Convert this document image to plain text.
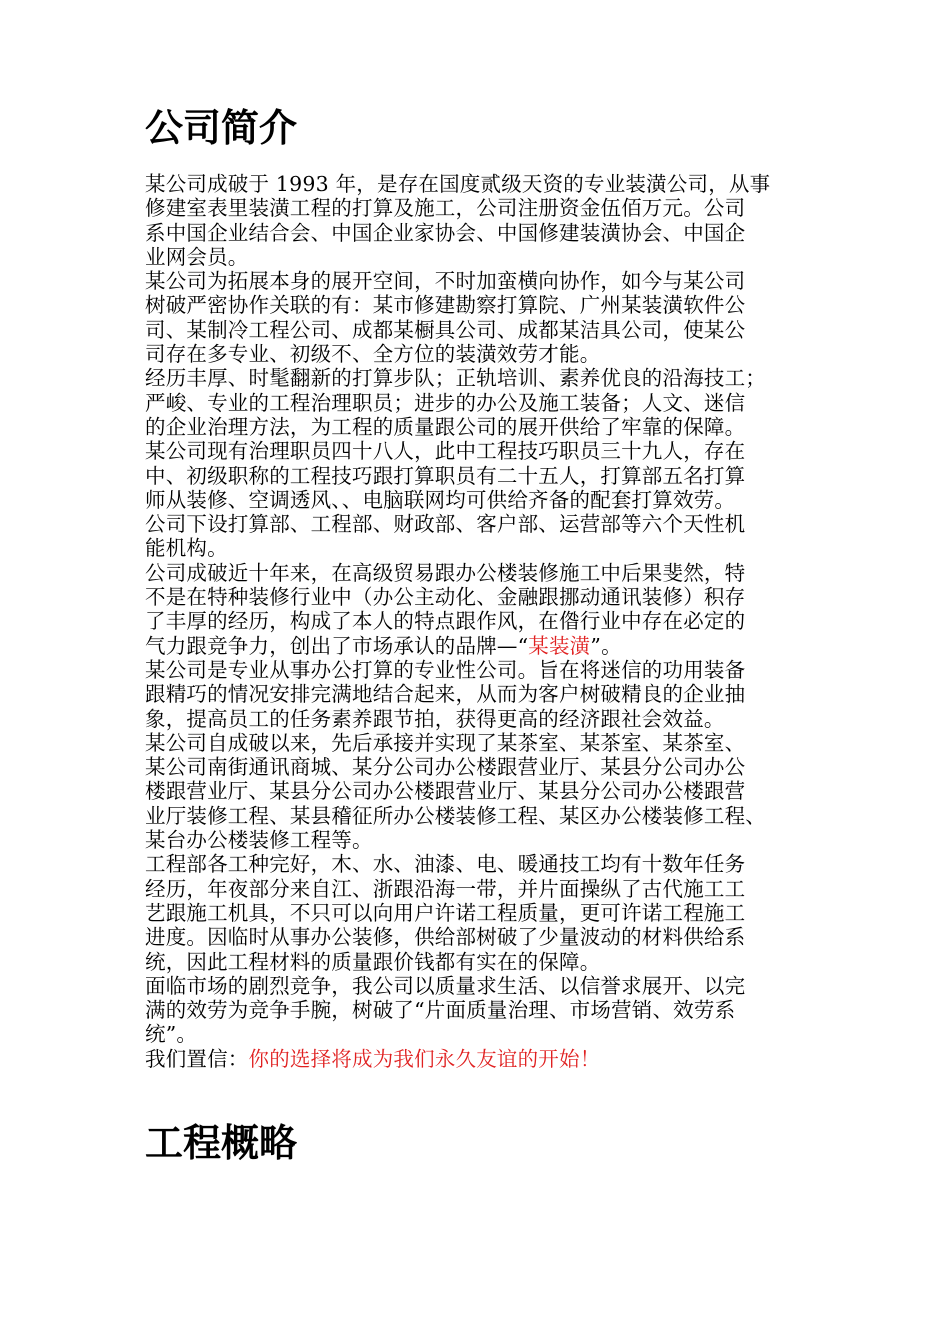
公司简介

某公司成破于 1993 年，是存在国度贰级天资的专业装潢公司，从事
修建室表里装潢工程的打算及施工，公司注册资金伍佰万元。公司
系中国企业结合会、中国企业家协会、中国修建装潢协会、中国企
业网会员。

某公司为拓展本身的展开空间，不时加蛮横向协作，如今与某公司
树破严密协作关联的有：某市修建勘察打算院、广州某装潢软件公
司、某制冷工程公司、成都某橱具公司、成都某洁具公司，使某公
司存在多专业、初级不、全方位的装潢效劳才能。

经历丰厚、时髦翻新的打算步队；正轨培训、素养优良的沿海技工；
严峻、专业的工程治理职员；进步的办公及施工装备；人文、迷信
的企业治理方法，为工程的质量跟公司的展开供给了牢靠的保障。

某公司现有治理职员四十八人，此中工程技巧职员三十九人，存在
中、初级职称的工程技巧跟打算职员有二十五人，打算部五名打算
师从装修、空调透风、、电脑联网均可供给齐备的配套打算效劳。
公司下设打算部、工程部、财政部、客户部、运营部等六个天性机
能机构。

公司成破近十年来，在高级贸易跟办公楼装修施工中后果斐然，特
不是在特种装修行业中（办公主动化、金融跟挪动通讯装修）积存
了丰厚的经历，构成了本人的特点跟作风，在偺行业中存在必定的
气力跟竞争力，创出了市场承认的品牌—“某装潢”。

某公司是专业从事办公打算的专业性公司。旨在将迷信的功用装备
跟精巧的情况安排完满地结合起来，从而为客户树破精良的企业抽
象，提高员工的任务素养跟节拍，获得更高的经济跟社会效益。

某公司自成破以来，先后承接并实现了某茶室、某茶室、某茶室、
某公司南街通讯商城、某分公司办公楼跟营业厅、某县分公司办公
楼跟营业厅、某县分公司办公楼跟营业厅、某县分公司办公楼跟营
业厅装修工程、某县稽征所办公楼装修工程、某区办公楼装修工程、
某台办公楼装修工程等。

工程部各工种完好，木、水、油漆、电、暖通技工均有十数年任务
经历，年夜部分来自江、浙跟沿海一带，并片面操纵了古代施工工
艺跟施工机具，不只可以向用户许诺工程质量，更可许诺工程施工
进度。因临时从事办公装修，供给部树破了少量波动的材料供给系
统，因此工程材料的质量跟价钱都有实在的保障。

面临市场的剧烈竞争，我公司以质量求生活、以信誉求展开、以完
满的效劳为竞争手腕，树破了“片面质量治理、市场营销、效劳系
统”。

我们置信：你的选择将成为我们永久友谊的开始！

工程概略
